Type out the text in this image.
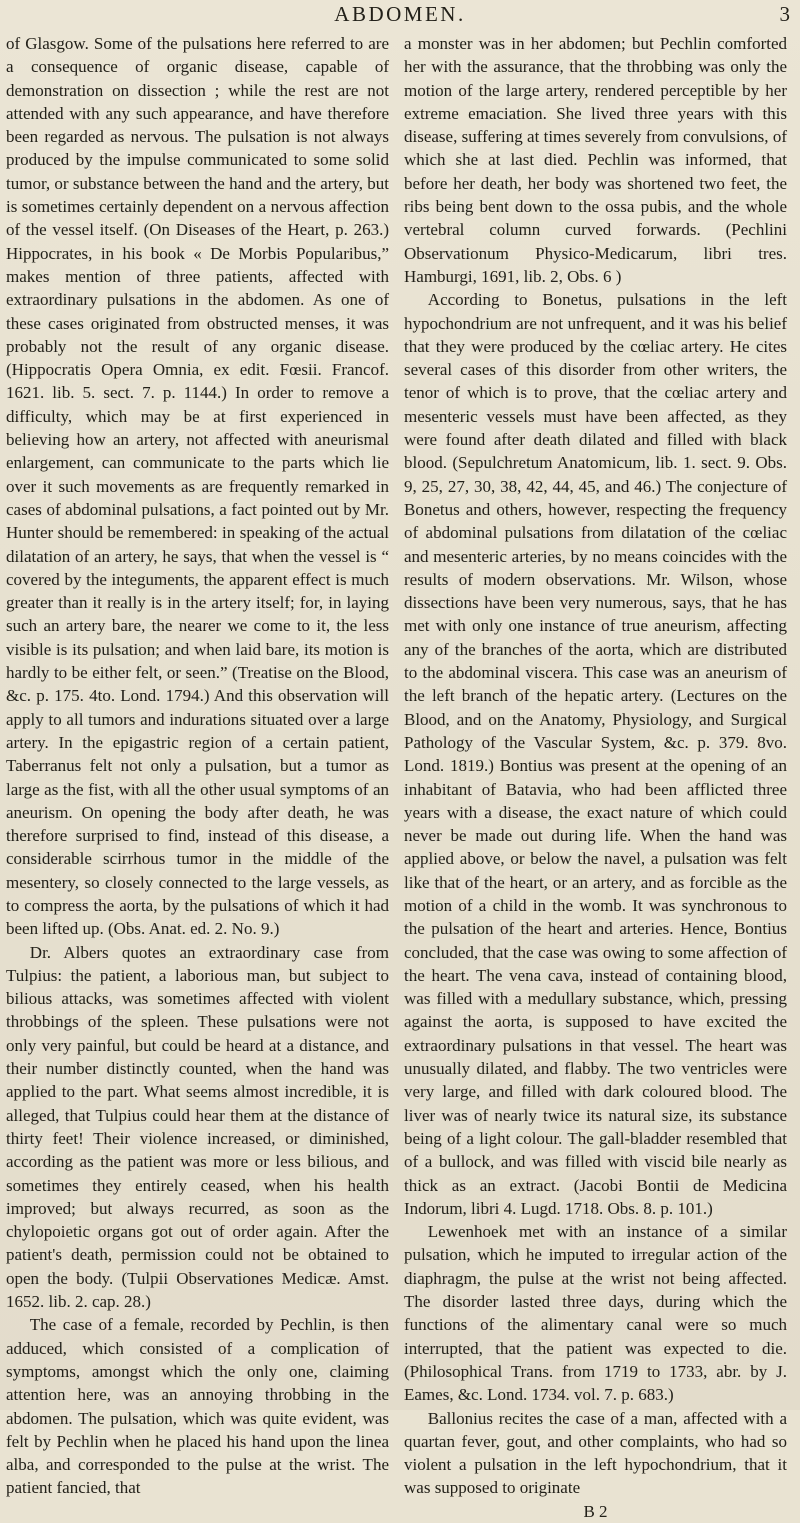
ABDOMEN.	3

of Glasgow. Some of the pulsations here referred to are a consequence of organic disease, capable of demonstration on dissection ; while the rest are not attended with any such appearance, and have therefore been regarded as nervous. The pulsation is not always produced by the impulse communicated to some solid tumor, or substance between the hand and the artery, but is sometimes certainly dependent on a nervous affection of the vessel itself. (On Diseases of the Heart, p. 263.) Hippocrates, in his book « De Morbis Popularibus,” makes mention of three patients, affected with extraordinary pulsations in the abdomen. As one of these cases originated from obstructed menses, it was probably not the result of any organic disease. (Hippocratis Opera Omnia, ex edit. Fœsii. Francof. 1621. lib. 5. sect. 7. p. 1144.) In order to remove a difficulty, which may be at first experienced in believing how an artery, not affected with aneurismal enlargement, can communicate to the parts which lie over it such movements as are frequently remarked in cases of abdominal pulsations, a fact pointed out by Mr. Hunter should be remembered: in speaking of the actual dilatation of an artery, he says, that when the vessel is “ covered by the integuments, the apparent effect is much greater than it really is in the artery itself; for, in laying such an artery bare, the nearer we come to it, the less visible is its pulsation; and when laid bare, its motion is hardly to be either felt, or seen.” (Treatise on the Blood, &c. p. 175. 4to. Lond. 1794.) And this observation will apply to all tumors and indurations situated over a large artery. In the epigastric region of a certain patient, Taberranus felt not only a pulsation, but a tumor as large as the fist, with all the other usual symptoms of an aneurism. On opening the body after death, he was therefore surprised to find, instead of this disease, a considerable scirrhous tumor in the middle of the mesentery, so closely connected to the large vessels, as to compress the aorta, by the pulsations of which it had been lifted up. (Obs. Anat. ed. 2. No. 9.)

Dr. Albers quotes an extraordinary case from Tulpius: the patient, a laborious man, but subject to bilious attacks, was sometimes affected with violent throbbings of the spleen. These pulsations were not only very painful, but could be heard at a distance, and their number distinctly counted, when the hand was applied to the part. What seems almost incredible, it is alleged, that Tulpius could hear them at the distance of thirty feet! Their violence increased, or diminished, according as the patient was more or less bilious, and sometimes they entirely ceased, when his health improved; but always recurred, as soon as the chylopoietic organs got out of order again. After the patient's death, permission could not be obtained to open the body. (Tulpii Observationes Medicæ. Amst. 1652. lib. 2. cap. 28.)

The case of a female, recorded by Pechlin, is then adduced, which consisted of a complication of symptoms, amongst which the only one, claiming attention here, was an annoying throbbing in the abdomen. The pulsation, which was quite evident, was felt by Pechlin when he placed his hand upon the linea alba, and corresponded to the pulse at the wrist. The patient fancied, that

a monster was in her abdomen; but Pechlin comforted her with the assurance, that the throbbing was only the motion of the large artery, rendered perceptible by her extreme emaciation. She lived three years with this disease, suffering at times severely from convulsions, of which she at last died. Pechlin was informed, that before her death, her body was shortened two feet, the ribs being bent down to the ossa pubis, and the whole vertebral column curved forwards. (Pechlini Observationum Physico-Medicarum, libri tres. Hamburgi, 1691, lib. 2, Obs. 6 )

According to Bonetus, pulsations in the left hypochondrium are not unfrequent, and it was his belief that they were produced by the cœliac artery. He cites several cases of this disorder from other writers, the tenor of which is to prove, that the cœliac artery and mesenteric vessels must have been affected, as they were found after death dilated and filled with black blood. (Sepulchretum Anatomicum, lib. 1. sect. 9. Obs. 9, 25, 27, 30, 38, 42, 44, 45, and 46.) The conjecture of Bonetus and others, however, respecting the frequency of abdominal pulsations from dilatation of the cœliac and mesenteric arteries, by no means coincides with the results of modern observations. Mr. Wilson, whose dissections have been very numerous, says, that he has met with only one instance of true aneurism, affecting any of the branches of the aorta, which are distributed to the abdominal viscera. This case was an aneurism of the left branch of the hepatic artery. (Lectures on the Blood, and on the Anatomy, Physiology, and Surgical Pathology of the Vascular System, &c. p. 379. 8vo. Lond. 1819.) Bontius was present at the opening of an inhabitant of Batavia, who had been afflicted three years with a disease, the exact nature of which could never be made out during life. When the hand was applied above, or below the navel, a pulsation was felt like that of the heart, or an artery, and as forcible as the motion of a child in the womb. It was synchronous to the pulsation of the heart and arteries. Hence, Bontius concluded, that the case was owing to some affection of the heart. The vena cava, instead of containing blood, was filled with a medullary substance, which, pressing against the aorta, is supposed to have excited the extraordinary pulsations in that vessel. The heart was unusually dilated, and flabby. The two ventricles were very large, and filled with dark coloured blood. The liver was of nearly twice its natural size, its substance being of a light colour. The gall-bladder resembled that of a bullock, and was filled with viscid bile nearly as thick as an extract. (Jacobi Bontii de Medicina Indorum, libri 4. Lugd. 1718. Obs. 8. p. 101.)

Lewenhoek met with an instance of a similar pulsation, which he imputed to irregular action of the diaphragm, the pulse at the wrist not being affected. The disorder lasted three days, during which the functions of the alimentary canal were so much interrupted, that the patient was expected to die. (Philosophical Trans. from 1719 to 1733, abr. by J. Eames, &c. Lond. 1734. vol. 7. p. 683.)

Ballonius recites the case of a man, affected with a quartan fever, gout, and other complaints, who had so violent a pulsation in the left hypochondrium, that it was supposed to originate

B 2
